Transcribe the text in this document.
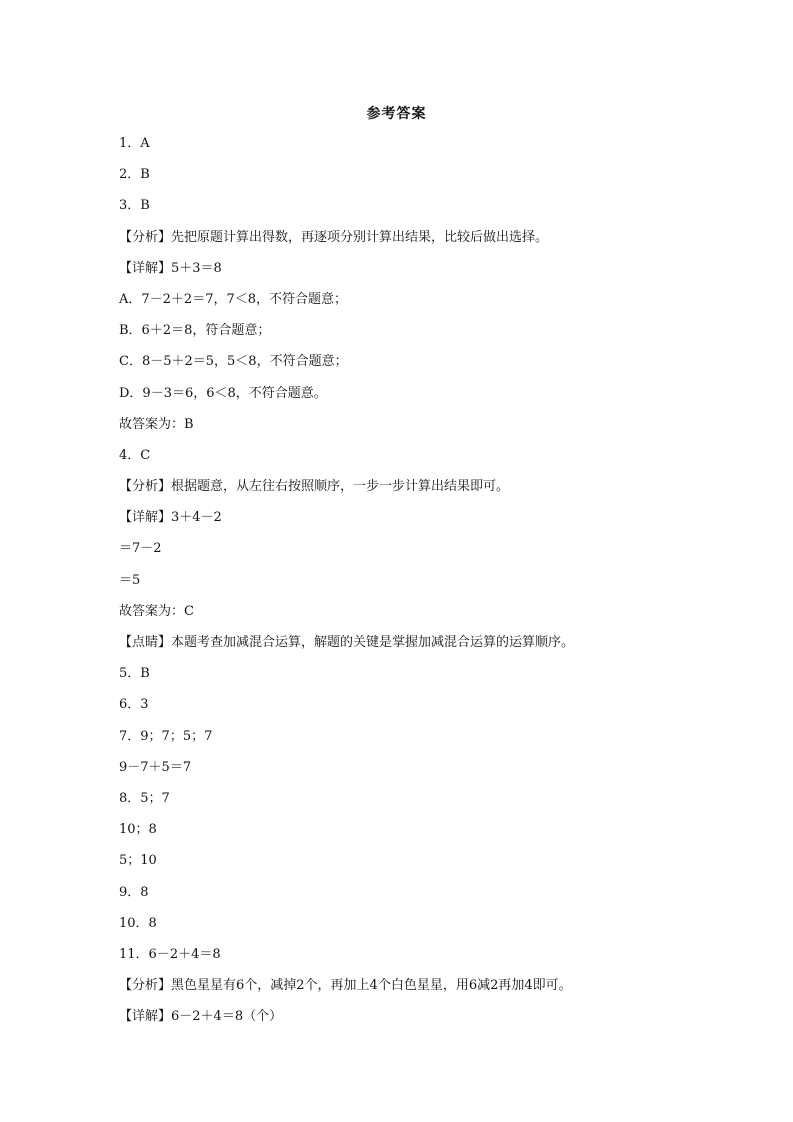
参考答案
1．A
2．B
3．B
【分析】先把原题计算出得数，再逐项分别计算出结果，比较后做出选择。
【详解】5＋3＝8
A．7－2＋2＝7，7＜8，不符合题意；
B．6＋2＝8，符合题意；
C．8－5＋2＝5，5＜8，不符合题意；
D．9－3＝6，6＜8，不符合题意。
故答案为：B
4．C
【分析】根据题意，从左往右按照顺序，一步一步计算出结果即可。
【详解】3＋4－2
＝7－2
＝5
故答案为：C
【点睛】本题考查加减混合运算，解题的关键是掌握加减混合运算的运算顺序。
5．B
6．3
7．9；7；5；7
9－7＋5＝7
8．5；7
10；8
5；10
9．8
10．8
11．6－2＋4＝8
【分析】黑色星星有6个，减掉2个，再加上4个白色星星，用6减2再加4即可。
【详解】6－2＋4＝8（个）
